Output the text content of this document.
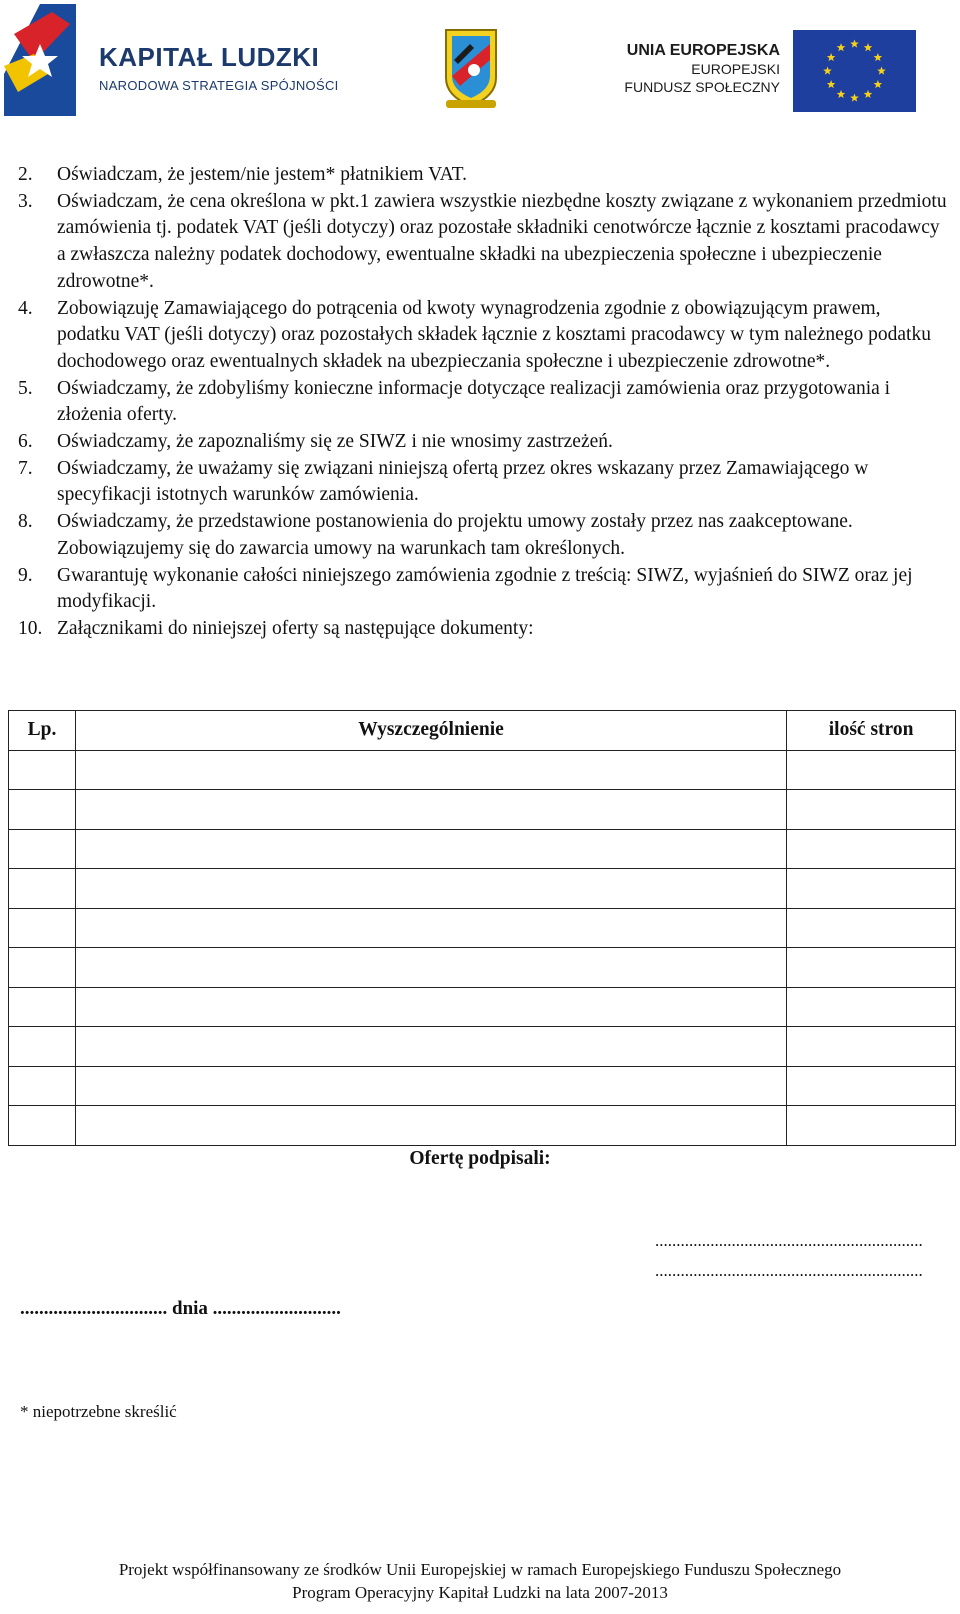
KAPITAŁ LUDZKI
NARODOWA STRATEGIA SPÓJNOŚCI
UNIA EUROPEJSKA
EUROPEJSKI
FUNDUSZ SPOŁECZNY
2.	Oświadczam, że jestem/nie jestem* płatnikiem VAT.
3.	Oświadczam, że cena określona w pkt.1 zawiera wszystkie niezbędne koszty związane z wykonaniem przedmiotu zamówienia tj. podatek VAT (jeśli dotyczy) oraz pozostałe składniki cenotwórcze łącznie z kosztami pracodawcy a zwłaszcza należny podatek dochodowy, ewentualne składki na ubezpieczenia społeczne i ubezpieczenie zdrowotne*.
4.	Zobowiązuję Zamawiającego do potrącenia od kwoty wynagrodzenia zgodnie z obowiązującym prawem, podatku VAT (jeśli dotyczy) oraz pozostałych składek łącznie z kosztami pracodawcy w tym należnego podatku dochodowego oraz ewentualnych składek na ubezpieczania społeczne i ubezpieczenie zdrowotne*.
5.	Oświadczamy, że zdobyliśmy konieczne informacje dotyczące realizacji zamówienia oraz przygotowania i złożenia oferty.
6.	Oświadczamy, że zapoznaliśmy się ze SIWZ i nie wnosimy zastrzeżeń.
7.	Oświadczamy, że uważamy się związani niniejszą ofertą przez okres wskazany przez Zamawiającego w specyfikacji istotnych warunków zamówienia.
8.	Oświadczamy, że przedstawione postanowienia do projektu umowy zostały przez nas zaakceptowane. Zobowiązujemy się do zawarcia umowy na warunkach tam określonych.
9.	Gwarantuję wykonanie całości niniejszego zamówienia zgodnie z treścią: SIWZ, wyjaśnień do SIWZ oraz jej modyfikacji.
10. Załącznikami do niniejszej oferty są następujące dokumenty:
Lp.	Wyszczególnienie	ilość stron

Ofertę podpisali:
...............................................................
...............................................................
............................... dnia ...........................
* niepotrzebne skreślić
Projekt współfinansowany ze środków Unii Europejskiej w ramach Europejskiego Funduszu Społecznego
Program Operacyjny Kapitał Ludzki na lata 2007-2013
